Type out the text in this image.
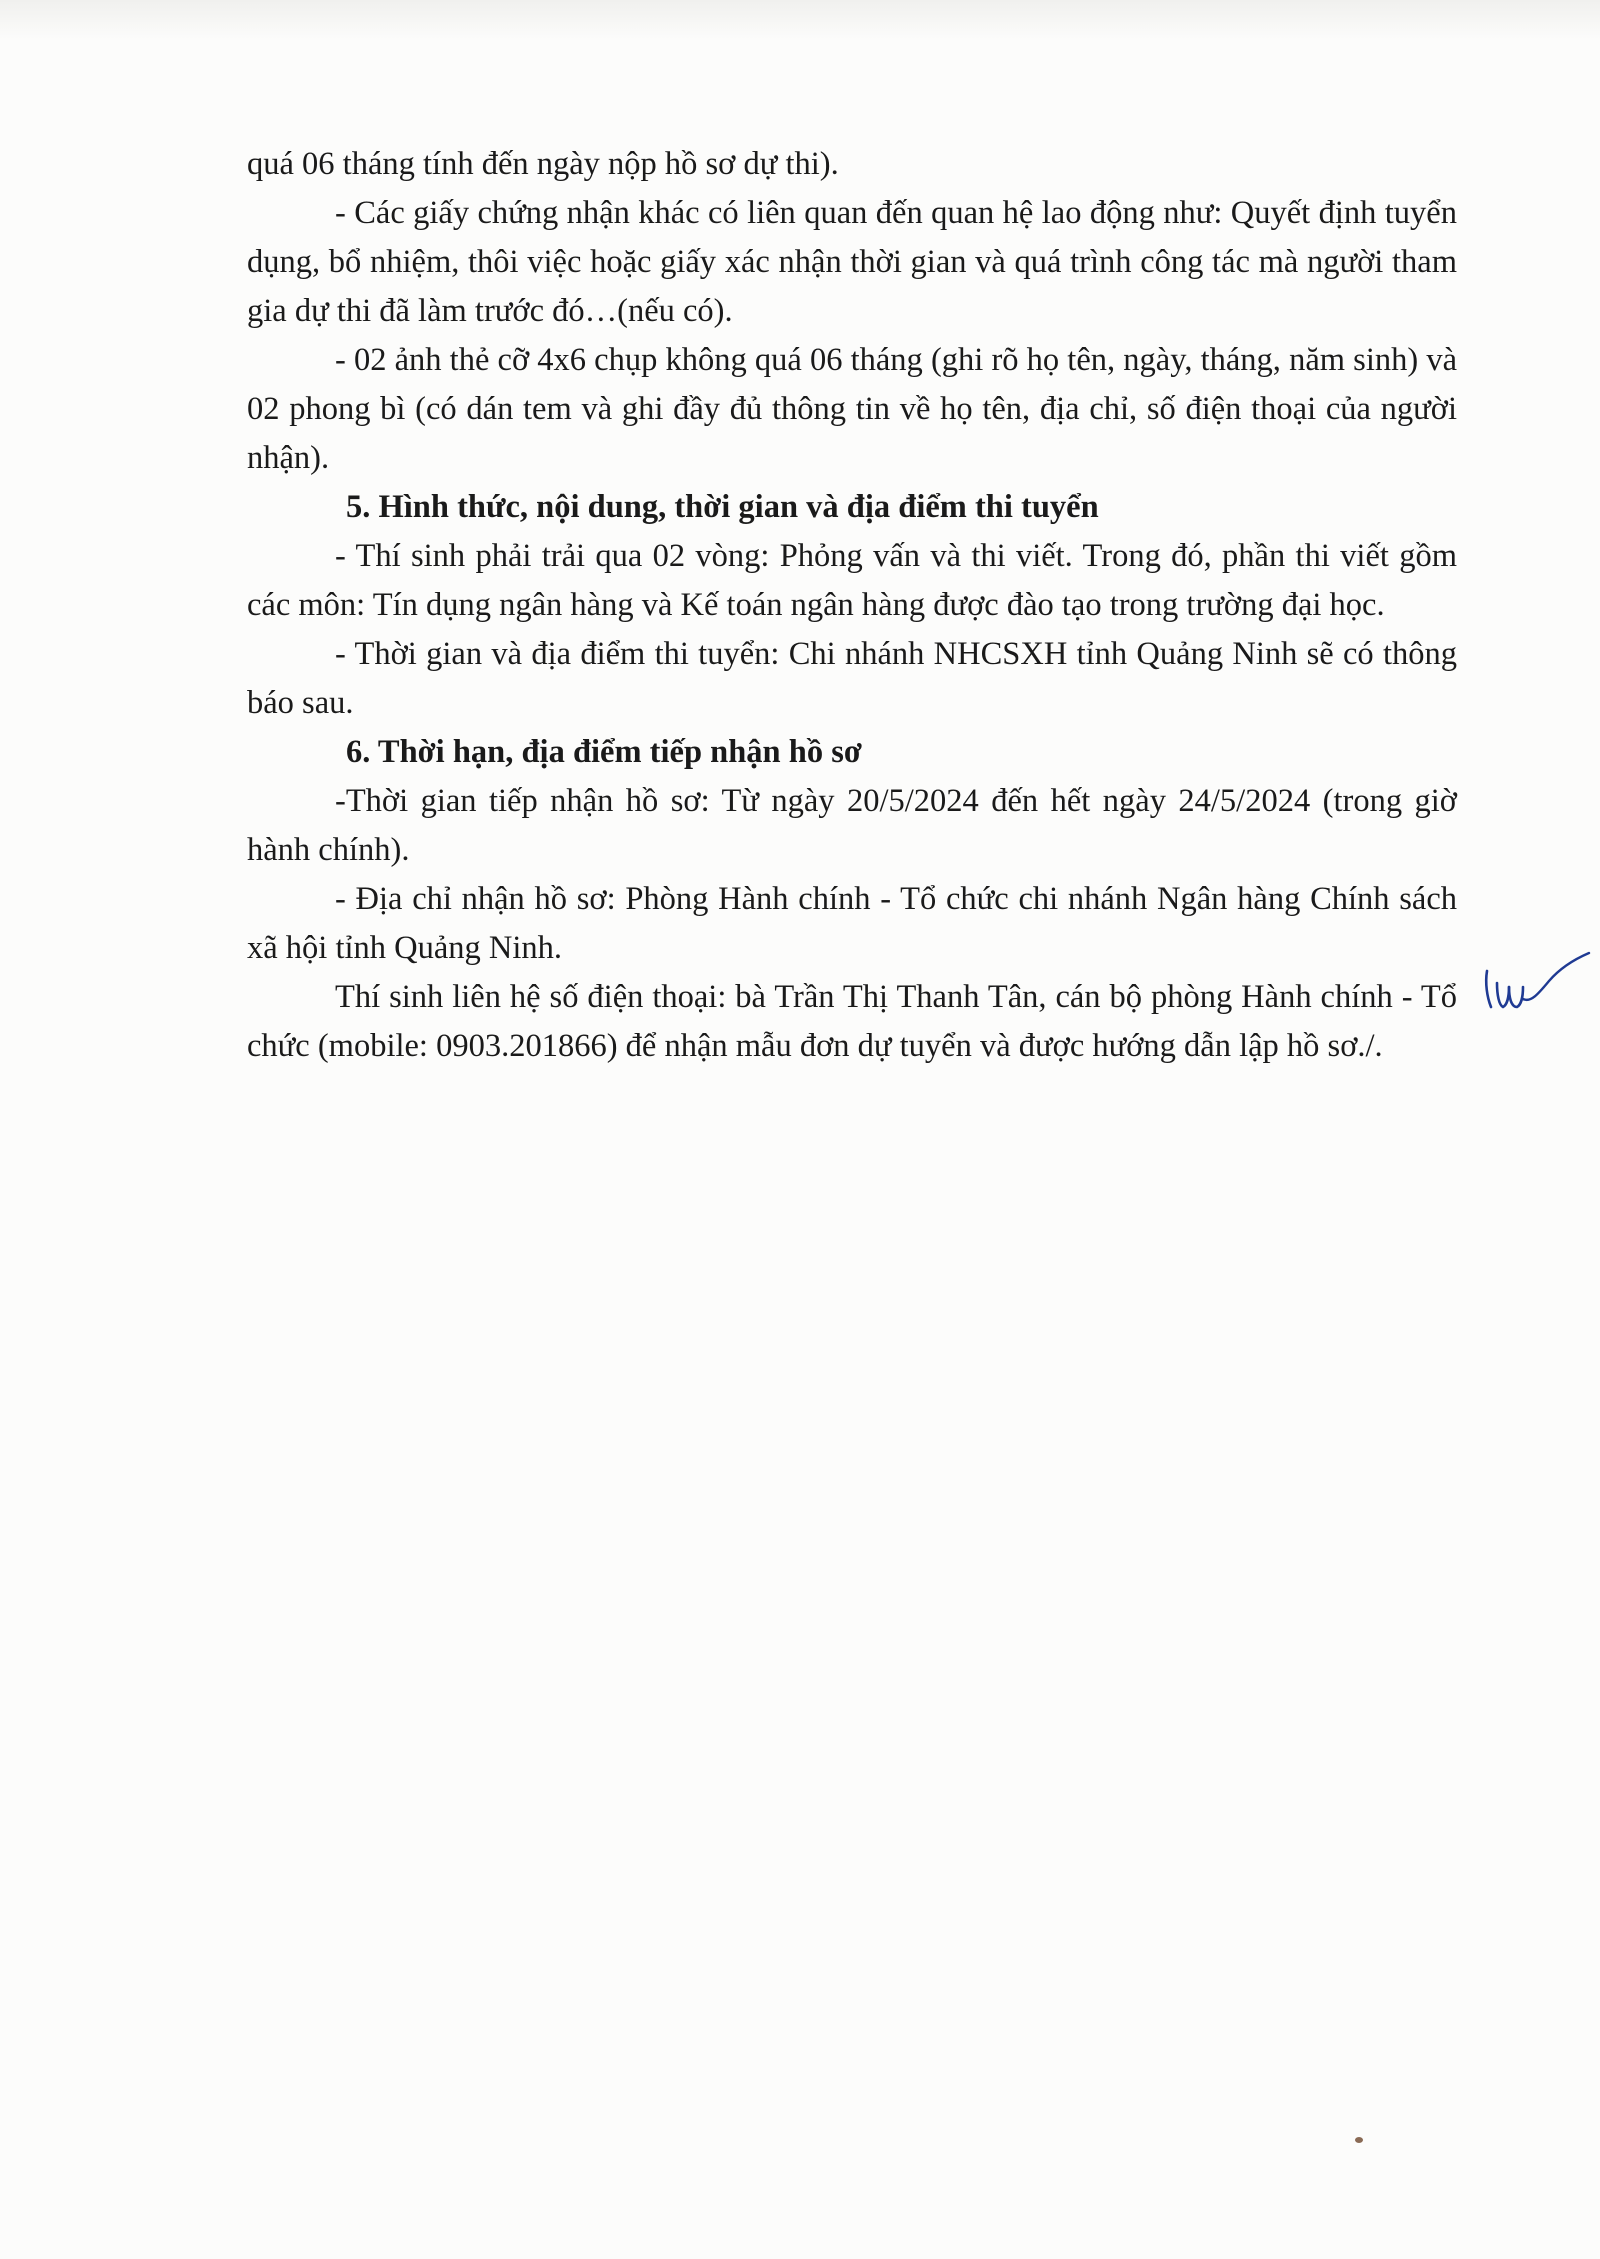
quá 06 tháng tính đến ngày nộp hồ sơ dự thi).

- Các giấy chứng nhận khác có liên quan đến quan hệ lao động như: Quyết định tuyển dụng, bổ nhiệm, thôi việc hoặc giấy xác nhận thời gian và quá trình công tác mà người tham gia dự thi đã làm trước đó…(nếu có).

- 02 ảnh thẻ cỡ 4x6 chụp không quá 06 tháng (ghi rõ họ tên, ngày, tháng, năm sinh) và 02 phong bì (có dán tem và ghi đầy đủ thông tin về họ tên, địa chỉ, số điện thoại của người nhận).

5. Hình thức, nội dung, thời gian và địa điểm thi tuyển

- Thí sinh phải trải qua 02 vòng: Phỏng vấn và thi viết. Trong đó, phần thi viết gồm các môn: Tín dụng ngân hàng và Kế toán ngân hàng được đào tạo trong trường đại học.

- Thời gian và địa điểm thi tuyển: Chi nhánh NHCSXH tỉnh Quảng Ninh sẽ có thông báo sau.

6. Thời hạn, địa điểm tiếp nhận hồ sơ

-Thời gian tiếp nhận hồ sơ: Từ ngày 20/5/2024 đến hết ngày 24/5/2024 (trong giờ hành chính).

- Địa chỉ nhận hồ sơ: Phòng Hành chính - Tổ chức chi nhánh Ngân hàng Chính sách xã hội tỉnh Quảng Ninh.

Thí sinh liên hệ số điện thoại: bà Trần Thị Thanh Tân, cán bộ phòng Hành chính - Tổ chức (mobile: 0903.201866) để nhận mẫu đơn dự tuyển và được hướng dẫn lập hồ sơ./.
